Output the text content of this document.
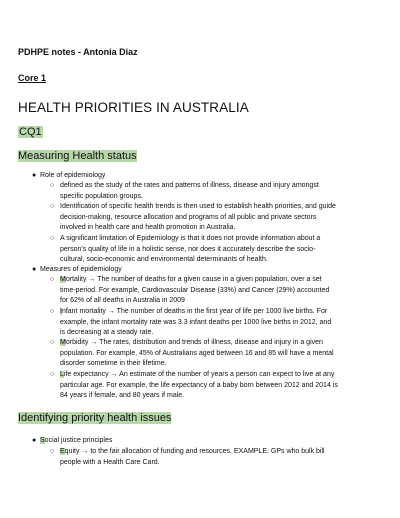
PDHPE notes - Antonia Diaz
Core 1
HEALTH PRIORITIES IN AUSTRALIA
CQ1
Measuring Health status
● Role of epidemiology
○ defined as the study of the rates and patterns of illness, disease and injury amongst specific population groups.
○ Identification of specific health trends is then used to establish health priorities, and guide decision-making, resource allocation and programs of all public and private sectors involved in health care and health promotion in Australia.
○ A significant limitation of Epidemiology is that it does not provide information about a person's quality of life in a holistic sense, nor does it accurately describe the socio-cultural, socio-economic and environmental determinants of health.
● Measures of epidemiology
○ Mortality → The number of deaths for a given cause in a given population, over a set time-period. For example, Cardiovascular Disease (33%) and Cancer (29%) accounted for 62% of all deaths in Australia in 2009
○ Infant mortality → The number of deaths in the first year of life per 1000 live births. For example, the infant mortality rate was 3.3 infant deaths per 1000 live births in 2012, and is decreasing at a steady rate.
○ Morbidity → The rates, distribution and trends of illness, disease and injury in a given population. For example, 45% of Australians aged between 16 and 85 will have a mental disorder sometime in their lifetime.
○ Life expectancy → An estimate of the number of years a person can expect to live at any particular age. For example, the life expectancy of a baby born between 2012 and 2014 is 84 years if female, and 80 years if male.
Identifying priority health issues
● Social justice principles
○ Equity → to the fair allocation of funding and resources. EXAMPLE: GPs who bulk bill people with a Health Care Card.
